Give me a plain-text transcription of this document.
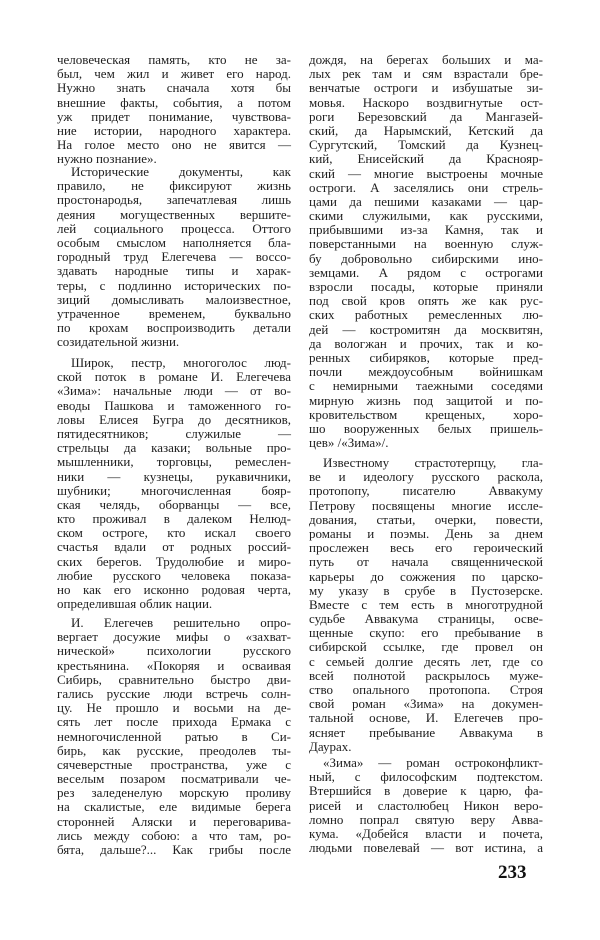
человеческая память, кто не за-
был, чем жил и живет его народ.
Нужно знать сначала хотя бы
внешние факты, события, а потом
уж придет понимание, чувствова-
ние истории, народного характера.
На голое место оно не явится —
нужно познание».
Исторические документы, как
правило, не фиксируют жизнь
простонародья, запечатлевая лишь
деяния могущественных вершите-
лей социального процесса. Оттого
особым смыслом наполняется бла-
городный труд Елегечева — воссо-
здавать народные типы и харак-
теры, с подлинно исторических по-
зиций домысливать малоизвестное,
утраченное временем, буквально
по крохам воспроизводить детали
созидательной жизни.
Широк, пестр, многоголос люд-
ской поток в романе И. Елегечева
«Зима»: начальные люди — от во-
еводы Пашкова и таможенного го-
ловы Елисея Бугра до десятников,
пятидесятников; служилые —
стрельцы да казаки; вольные про-
мышленники, торговцы, ремеслен-
ники — кузнецы, рукавичники,
шубники; многочисленная бояр-
ская челядь, оборванцы — все,
кто проживал в далеком Нелюд-
ском остроге, кто искал своего
счастья вдали от родных россий-
ских берегов. Трудолюбие и миро-
любие русского человека показа-
но как его исконно родовая черта,
определившая облик нации.
И. Елегечев решительно опро-
вергает досужие мифы о «захват-
нической» психологии русского
крестьянина. «Покоряя и осваивая
Сибирь, сравнительно быстро дви-
гались русские люди встречь солн-
цу. Не прошло и восьми на де-
сять лет после прихода Ермака с
немногочисленной ратью в Си-
бирь, как русские, преодолев ты-
сячеверстные пространства, уже с
веселым позаром посматривали че-
рез заледенелую морскую проливу
на скалистые, еле видимые берега
сторонней Аляски и переговарива-
лись между собою: а что там, ро-
бята, дальше?... Как грибы после
дождя, на берегах больших и ма-
лых рек там и сям взрастали бре-
венчатые остроги и избушатые зи-
мовья. Наскоро воздвигнутые ост-
роги Березовский да Мангазей-
ский, да Нарымский, Кетский да
Сургутский, Томский да Кузнец-
кий, Енисейский да Краснояр-
ский — многие выстроены мочные
остроги. А заселялись они стрель-
цами да пешими казаками — цар-
скими служилыми, как русскими,
прибывшими из-за Камня, так и
поверстанными на военную служ-
бу добровольно сибирскими ино-
земцами. А рядом с острогами
взросли посады, которые приняли
под свой кров опять же как рус-
ских работных ремесленных лю-
дей — костромитян да москвитян,
да вологжан и прочих, так и ко-
ренных сибиряков, которые пред-
почли междоусобным войнишкам
с немирными таежными соседями
мирную жизнь под защитой и по-
кровительством крещеных, хоро-
шо вооруженных белых пришель-
цев» /«Зима»/.
Известному страстотерпцу, гла-
ве и идеологу русского раскола,
протопопу, писателю Аввакуму
Петрову посвящены многие иссле-
дования, статьи, очерки, повести,
романы и поэмы. День за днем
прослежен весь его героический
путь от начала священнической
карьеры до сожжения по царско-
му указу в срубе в Пустозерске.
Вместе с тем есть в многотрудной
судьбе Аввакума страницы, осве-
щенные скупо: его пребывание в
сибирской ссылке, где провел он
с семьей долгие десять лет, где со
всей полнотой раскрылось муже-
ство опального протопопа. Строя
свой роман «Зима» на докумен-
тальной основе, И. Елегечев про-
ясняет пребывание Аввакума в
Даурах.
«Зима» — роман остроконфликт-
ный, с философским подтекстом.
Втершийся в доверие к царю, фа-
рисей и сластолюбец Никон веро-
ломно попрал святую веру Авва-
кума. «Добейся власти и почета,
людьми повелевай — вот истина, а
233
